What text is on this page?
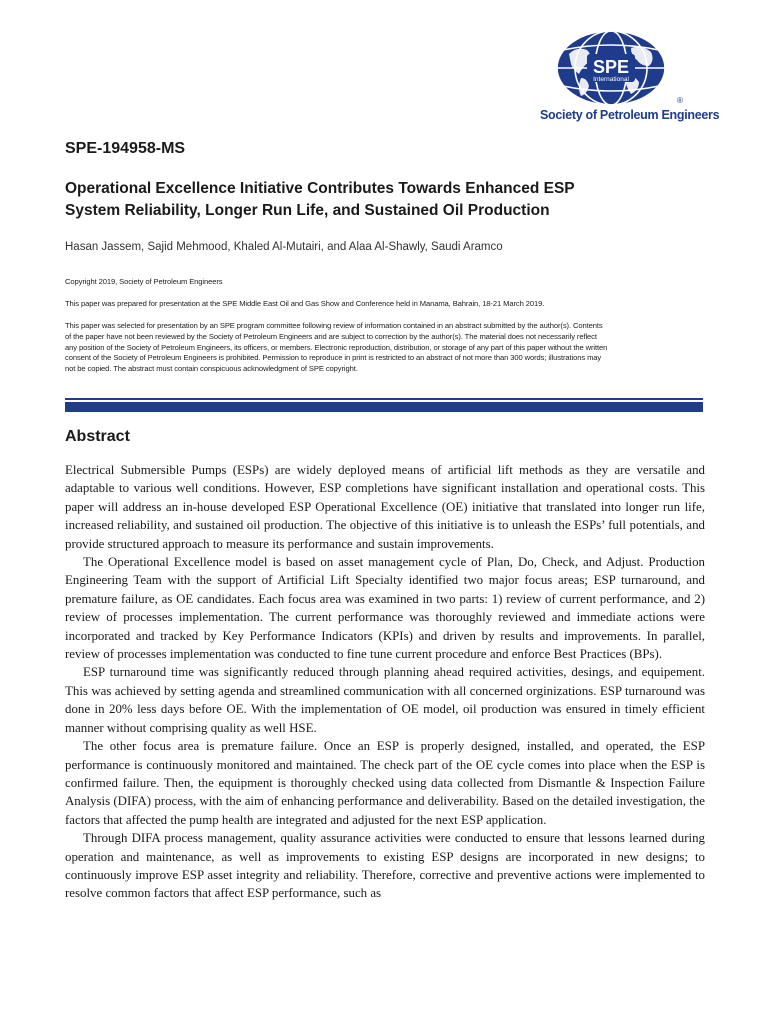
SPE
International
®
Society of Petroleum Engineers
SPE-194958-MS
Operational Excellence Initiative Contributes Towards Enhanced ESP
System Reliability, Longer Run Life, and Sustained Oil Production
Hasan Jassem, Sajid Mehmood, Khaled Al-Mutairi, and Alaa Al-Shawly, Saudi Aramco
Copyright 2019, Society of Petroleum Engineers
This paper was prepared for presentation at the SPE Middle East Oil and Gas Show and Conference held in Manama, Bahrain, 18-21 March 2019.
This paper was selected for presentation by an SPE program committee following review of information contained in an abstract submitted by the author(s). Contents
of the paper have not been reviewed by the Society of Petroleum Engineers and are subject to correction by the author(s). The material does not necessarily reflect
any position of the Society of Petroleum Engineers, its officers, or members. Electronic reproduction, distribution, or storage of any part of this paper without the written
consent of the Society of Petroleum Engineers is prohibited. Permission to reproduce in print is restricted to an abstract of not more than 300 words; illustrations may
not be copied. The abstract must contain conspicuous acknowledgment of SPE copyright.
Abstract

Electrical Submersible Pumps (ESPs) are widely deployed means of artificial lift methods as they are versatile and adaptable to various well conditions. However, ESP completions have significant installation and operational costs. This paper will address an in-house developed ESP Operational Excellence (OE) initiative that translated into longer run life, increased reliability, and sustained oil production. The objective of this initiative is to unleash the ESPs’ full potentials, and provide structured approach to measure its performance and sustain improvements.

The Operational Excellence model is based on asset management cycle of Plan, Do, Check, and Adjust. Production Engineering Team with the support of Artificial Lift Specialty identified two major focus areas; ESP turnaround, and premature failure, as OE candidates. Each focus area was examined in two parts: 1) review of current performance, and 2) review of processes implementation. The current performance was thoroughly reviewed and immediate actions were incorporated and tracked by Key Performance Indicators (KPIs) and driven by results and improvements. In parallel, review of processes implementation was conducted to fine tune current procedure and enforce Best Practices (BPs).

ESP turnaround time was significantly reduced through planning ahead required activities, desings, and equipement. This was achieved by setting agenda and streamlined communication with all concerned orginizations. ESP turnaround was done in 20% less days before OE. With the implementation of OE model, oil production was ensured in timely efficient manner without comprising quality as well HSE.

The other focus area is premature failure. Once an ESP is properly designed, installed, and operated, the ESP performance is continuously monitored and maintained. The check part of the OE cycle comes into place when the ESP is confirmed failure. Then, the equipment is thoroughly checked using data collected from Dismantle & Inspection Failure Analysis (DIFA) process, with the aim of enhancing performance and deliverability. Based on the detailed investigation, the factors that affected the pump health are integrated and adjusted for the next ESP application.

Through DIFA process management, quality assurance activities were conducted to ensure that lessons learned during operation and maintenance, as well as improvements to existing ESP designs are incorporated in new designs; to continuously improve ESP asset integrity and reliability. Therefore, corrective and preventive actions were implemented to resolve common factors that affect ESP performance, such as
